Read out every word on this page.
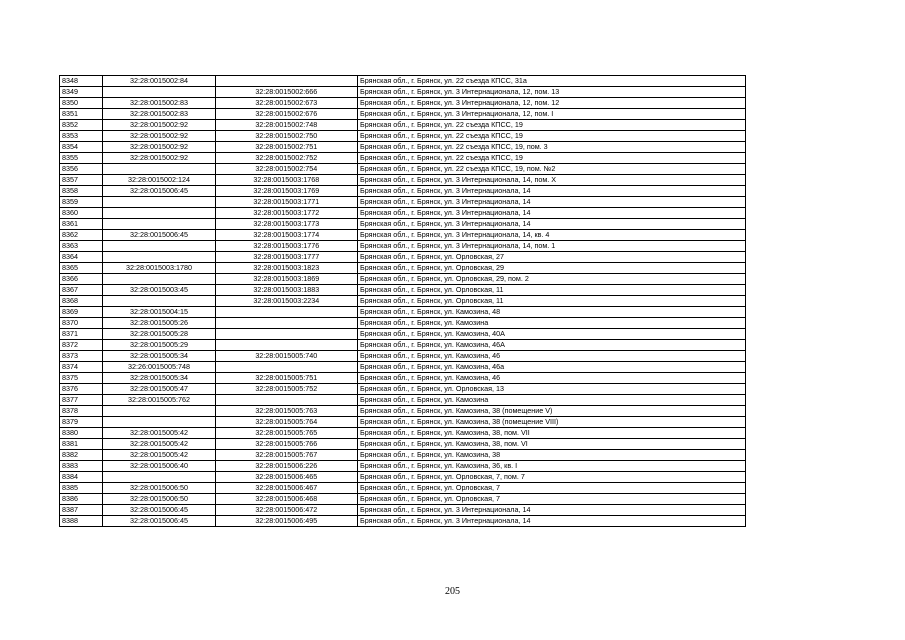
8348	32:28:0015002:84		Брянская обл., г. Брянск, ул. 22 съезда КПСС, 31а
8349		32:28:0015002:666	Брянская обл., г. Брянск, ул. 3 Интернационала, 12, пом. 13
8350	32:28:0015002:83	32:28:0015002:673	Брянская обл., г. Брянск, ул. 3 Интернационала, 12, пом. 12
8351	32:28:0015002:83	32:28:0015002:676	Брянская обл., г. Брянск, ул. 3 Интернационала, 12, пом. I
8352	32:28:0015002:92	32:28:0015002:748	Брянская обл., г. Брянск, ул. 22 съезда КПСС, 19
8353	32:28:0015002:92	32:28:0015002:750	Брянская обл., г. Брянск, ул. 22 съезда КПСС, 19
8354	32:28:0015002:92	32:28:0015002:751	Брянская обл., г. Брянск, ул. 22 съезда КПСС, 19, пом. 3
8355	32:28:0015002:92	32:28:0015002:752	Брянская обл., г. Брянск, ул. 22 съезда КПСС, 19
8356		32:28:0015002:754	Брянская обл., г. Брянск, ул. 22 съезда КПСС, 19, пом. №2
8357	32:28:0015002:124	32:28:0015003:1768	Брянская обл., г. Брянск, ул. 3 Интернационала, 14, пом. X
8358	32:28:0015006:45	32:28:0015003:1769	Брянская обл., г. Брянск, ул. 3 Интернационала, 14
8359		32:28:0015003:1771	Брянская обл., г. Брянск, ул. 3 Интернационала, 14
8360		32:28:0015003:1772	Брянская обл., г. Брянск, ул. 3 Интернационала, 14
8361		32:28:0015003:1773	Брянская обл., г. Брянск, ул. 3 Интернационала, 14
8362	32:28:0015006:45	32:28:0015003:1774	Брянская обл., г. Брянск, ул. 3 Интернационала, 14, кв. 4
8363		32:28:0015003:1776	Брянская обл., г. Брянск, ул. 3 Интернационала, 14, пом. 1
8364		32:28:0015003:1777	Брянская обл., г. Брянск, ул. Орловская, 27
8365	32:28:0015003:1780	32:28:0015003:1823	Брянская обл., г. Брянск, ул. Орловская, 29
8366		32:28:0015003:1869	Брянская обл., г. Брянск, ул. Орловская, 29, пом. 2
8367	32:28:0015003:45	32:28:0015003:1883	Брянская обл., г. Брянск, ул. Орловская, 11
8368		32:28:0015003:2234	Брянская обл., г. Брянск, ул. Орловская, 11
8369	32:28:0015004:15		Брянская обл., г. Брянск, ул. Камозина, 48
8370	32:28:0015005:26		Брянская обл., г. Брянск, ул. Камозина
8371	32:28:0015005:28		Брянская обл., г. Брянск, ул. Камозина, 40А
8372	32:28:0015005:29		Брянская обл., г. Брянск, ул. Камозина, 46А
8373	32:28:0015005:34	32:28:0015005:740	Брянская обл., г. Брянск, ул. Камозина, 46
8374	32:26:0015005:748		Брянская обл., г. Брянск, ул. Камозина, 46а
8375	32:28:0015005:34	32:28:0015005:751	Брянская обл., г. Брянск, ул. Камозина, 46
8376	32:28:0015005:47	32:28:0015005:752	Брянская обл., г. Брянск, ул. Орловская, 13
8377	32:28:0015005:762		Брянская обл., г. Брянск, ул. Камозина
8378		32:28:0015005:763	Брянская обл., г. Брянск, ул. Камозина, 38 (помещение V)
8379		32:28:0015005:764	Брянская обл., г. Брянск, ул. Камозина, 38 (помещение VIII)
8380	32:28:0015005:42	32:28:0015005:765	Брянская обл., г. Брянск, ул. Камозина, 38, пом. VII
8381	32:28:0015005:42	32:28:0015005:766	Брянская обл., г. Брянск, ул. Камозина, 38, пом. VI
8382	32:28:0015005:42	32:28:0015005:767	Брянская обл., г. Брянск, ул. Камозина, 38
8383	32:28:0015006:40	32:28:0015006:226	Брянская обл., г. Брянск, ул. Камозина, 36, кв. I
8384		32:28:0015006:465	Брянская обл., г. Брянск, ул. Орловская, 7, пом. 7
8385	32:28:0015006:50	32:28:0015006:467	Брянская обл., г. Брянск, ул. Орловская, 7
8386	32:28:0015006:50	32:28:0015006:468	Брянская обл., г. Брянск, ул. Орловская, 7
8387	32:28:0015006:45	32:28:0015006:472	Брянская обл., г. Брянск, ул. 3 Интернационала, 14
8388	32:28:0015006:45	32:28:0015006:495	Брянская обл., г. Брянск, ул. 3 Интернационала, 14
205
